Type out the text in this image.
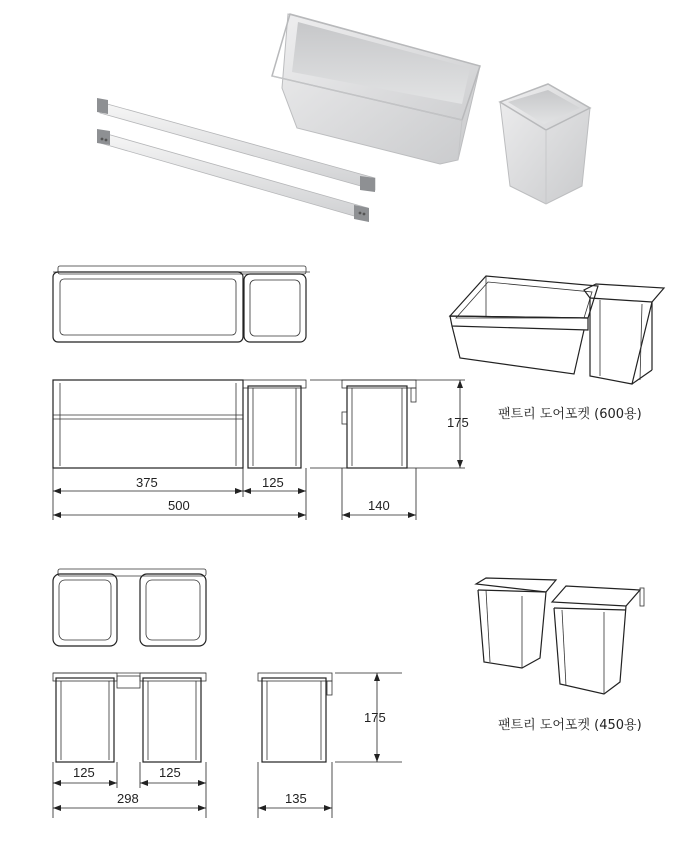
175
375	125
500	140
팬트리 도어포켓 (600용)
175
125	125
298	135
팬트리 도어포켓 (450용)
